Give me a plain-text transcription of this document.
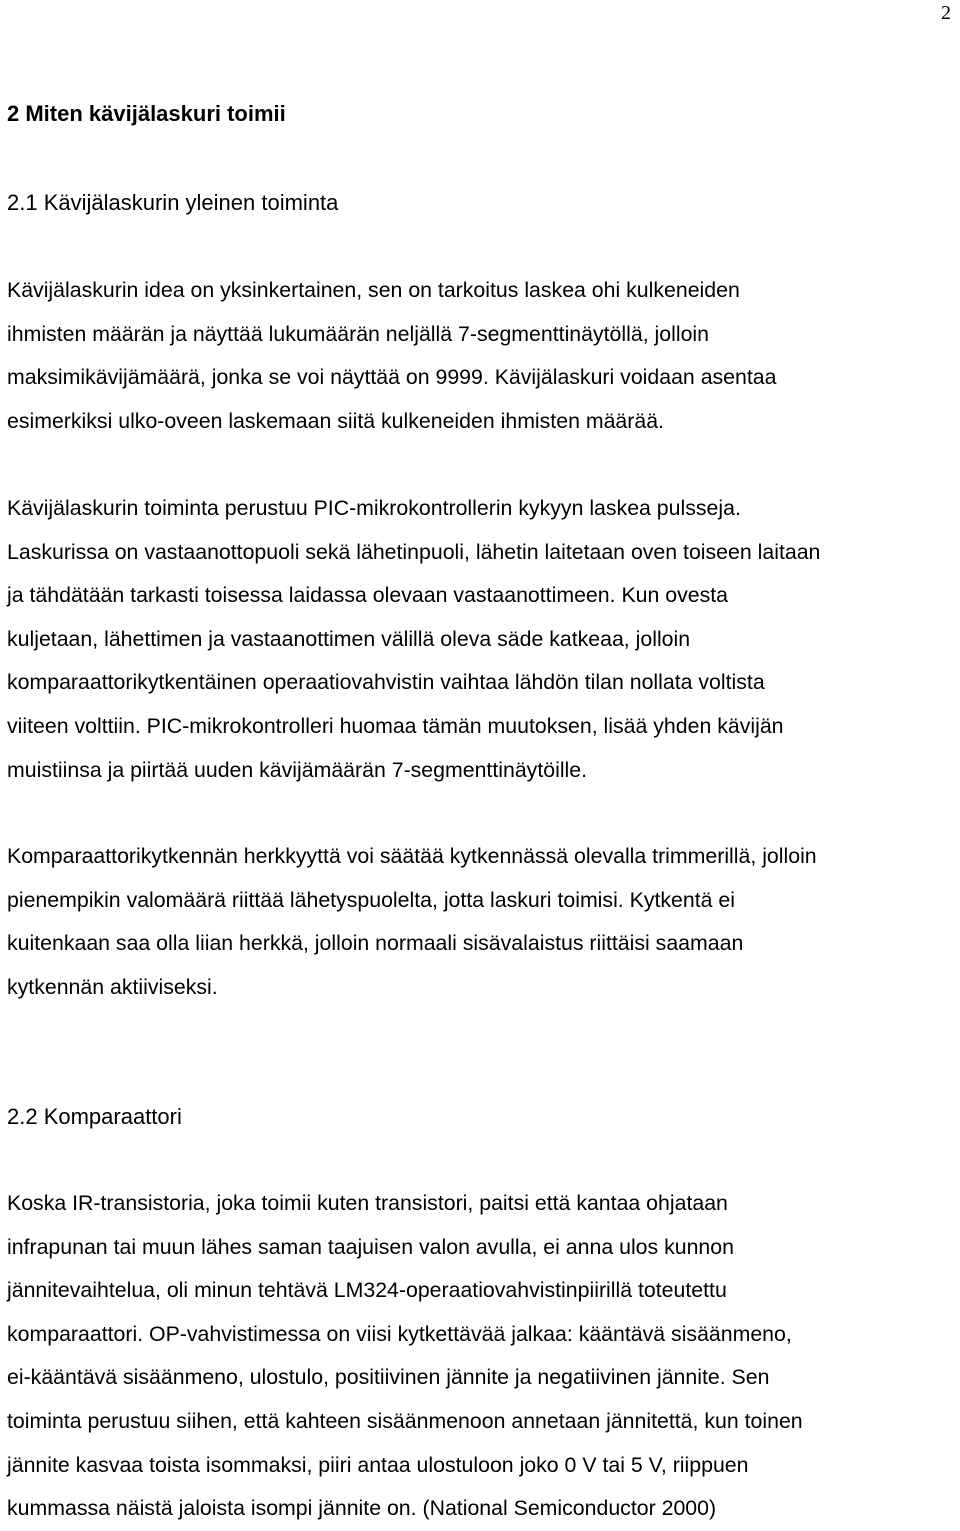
2
2 Miten kävijälaskuri toimii
2.1 Kävijälaskurin yleinen toiminta

Kävijälaskurin idea on yksinkertainen, sen on tarkoitus laskea ohi kulkeneiden
ihmisten määrän ja näyttää lukumäärän neljällä 7-segmenttinäytöllä, jolloin
maksimikävijämäärä, jonka se voi näyttää on 9999. Kävijälaskuri voidaan asentaa
esimerkiksi ulko-oveen laskemaan siitä kulkeneiden ihmisten määrää.

Kävijälaskurin toiminta perustuu PIC-mikrokontrollerin kykyyn laskea pulsseja.
Laskurissa on vastaanottopuoli sekä lähetinpuoli, lähetin laitetaan oven toiseen laitaan
ja tähdätään tarkasti toisessa laidassa olevaan vastaanottimeen. Kun ovesta
kuljetaan, lähettimen ja vastaanottimen välillä oleva säde katkeaa, jolloin
komparaattorikytkentäinen operaatiovahvistin vaihtaa lähdön tilan nollata voltista
viiteen volttiin. PIC-mikrokontrolleri huomaa tämän muutoksen, lisää yhden kävijän
muistiinsa ja piirtää uuden kävijämäärän 7-segmenttinäytöille.

Komparaattorikytkennän herkkyyttä voi säätää kytkennässä olevalla trimmerillä, jolloin
pienempikin valomäärä riittää lähetyspuolelta, jotta laskuri toimisi. Kytkentä ei
kuitenkaan saa olla liian herkkä, jolloin normaali sisävalaistus riittäisi saamaan
kytkennän aktiiviseksi.

2.2 Komparaattori

Koska IR-transistoria, joka toimii kuten transistori, paitsi että kantaa ohjataan
infrapunan tai muun lähes saman taajuisen valon avulla, ei anna ulos kunnon
jännitevaihtelua, oli minun tehtävä LM324-operaatiovahvistinpiirillä toteutettu
komparaattori. OP-vahvistimessa on viisi kytkettävää jalkaa: kääntävä sisäänmeno,
ei-kääntävä sisäänmeno, ulostulo, positiivinen jännite ja negatiivinen jännite. Sen
toiminta perustuu siihen, että kahteen sisäänmenoon annetaan jännitettä, kun toinen
jännite kasvaa toista isommaksi, piiri antaa ulostuloon joko 0 V tai 5 V, riippuen
kummassa näistä jaloista isompi jännite on. (National Semiconductor 2000)
